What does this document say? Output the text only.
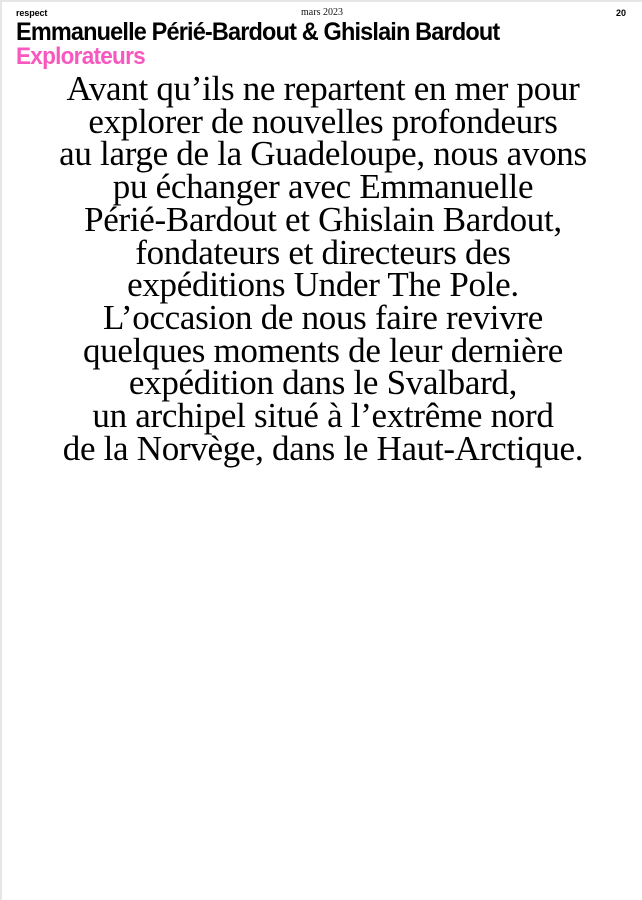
respect	mars 2023	20
Emmanuelle Périé-Bardout & Ghislain Bardout
Explorateurs
Avant qu’ils ne repartent en mer pour
explorer de nouvelles profondeurs
au large de la Guadeloupe, nous avons
pu échanger avec Emmanuelle
Périé-Bardout et Ghislain Bardout,
fondateurs et directeurs des
expéditions Under The Pole.
L’occasion de nous faire revivre
quelques moments de leur dernière
expédition dans le Svalbard,
un archipel situé à l’extrême nord
de la Norvège, dans le Haut-Arctique.
